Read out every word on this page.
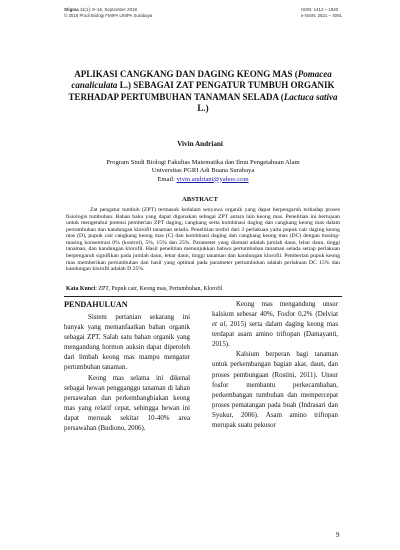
Stigma 11(1): 9–16, September 2018
© 2018 Prodi Biologi FMIPA UNIPA Surabaya
ISSN: 1412 – 1840
e-ISSN: 2621 – 4091
APLIKASI CANGKANG DAN DAGING KEONG MAS (Pomacea canaliculata L.) SEBAGAI ZAT PENGATUR TUMBUH ORGANIK TERHADAP PERTUMBUHAN TANAMAN SELADA (Lactuca sativa L.)
Vivin Andriani
Program Studi Biologi Fakultas Matematika dan Ilmu Pengetahuan Alam
Universitas PGRI Adi Buana Surabaya
Email: vivin.andriani@yahoo.com
ABSTRACT

Zat pengatur tumbuh (ZPT) termasuk kedalam senyawa organik yang dapat berpengaruh terhadap proses fisiologis tumbuhan. Bahan baku yang dapat digunakan sebagai ZPT antara lain keong mas. Penelitian ini bertujuan untuk mengetahui potensi pemberian ZPT daging, cangkang serta kombinasi daging dan cangkang keong mas dalam pertumbuhan dan kandungan klorofil tanaman selada. Penelitian terdiri dari 3 perlakuan yaitu pupuk cair daging keong mas (D), pupuk cair cangkang keong mas (C) dan kombinasi daging dan cangkang keong mas (DC) dengan masing-masing konsentrasi 0% (kontrol), 5%, 15% dan 25%. Parameter yang diamati adalah jumlah daun, lebar daun, tinggi tanaman, dan kandungan klorofil. Hasil penelitian menunjukkan bahwa pertumbuhan tanaman selada setiap perlakuan berpengaruh signifikan pada jumlah daun, lebar daun, tinggi tanaman dan kandungan klorofil. Pemberian pupuk keong mas memberikan pertumbuhan dan hasil yang optimal pada parameter pertumbuhan adalah perlakuan DC 15% dan kandungan klorofil adalah D 25%.

Kata Kunci: ZPT, Pupuk cair, Keong mas, Pertumbuhan, Klorofil
PENDAHULUAN

Sistem pertanian sekarang ini banyak yang memanfaatkan bahan organik sebagai ZPT. Salah satu bahan organik yang mengandung hormon auksin dapat diperoleh dari limbah keong mas mampu mengatur pertumbuhan tanaman.

Keong mas selama ini dikenal sebagai hewan pengganggu tanaman di lahan persawahan dan perkembangbiakan keong mas yang relatif cepat, sehingga hewan ini dapat merusak sekitar 10-40% area persawahan (Budiono, 2006).

Keong mas mengandung unsur kalsium sebesar 40%, Fosfor 0,2% (Delviat et al, 2015) serta dalam daging keong mas terdapat asam amino triftopan (Damayanti, 2015).

Kalsium berperan bagi tanaman untuk perkembangan bagian akar, daun, dan proses pembungaan (Rostini, 2011). Unsur fosfor membantu perkecambahan, perkembangan tumbuhan dan mempercepat proses pematangan pada buah (Indrasari dan Syukur, 2006). Asam amino triftopan merupak suatu pekusor

9
